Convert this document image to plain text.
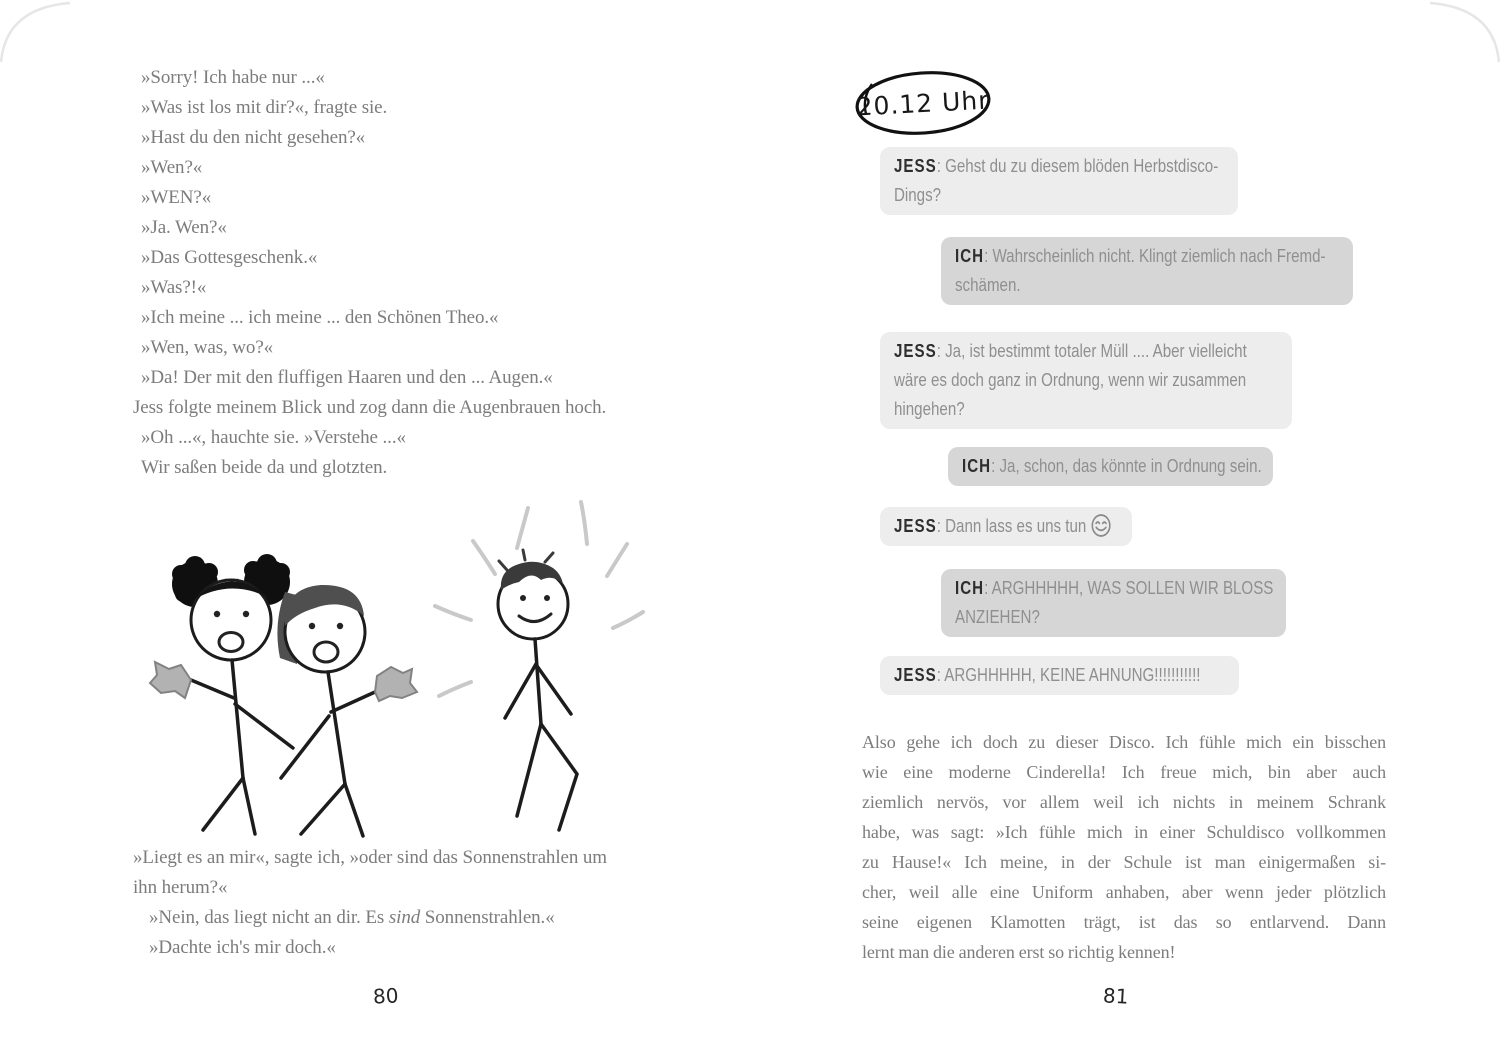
»Sorry! Ich habe nur ...«
»Was ist los mit dir?«, fragte sie.
»Hast du den nicht gesehen?«
»Wen?«
»WEN?«
»Ja. Wen?«
»Das Gottesgeschenk.«
»Was?!«
»Ich meine ... ich meine ... den Schönen Theo.«
»Wen, was, wo?«
»Da! Der mit den fluffigen Haaren und den ... Augen.«
Jess folgte meinem Blick und zog dann die Augenbrauen hoch.
»Oh ...«, hauchte sie. »Verstehe ...«
Wir saßen beide da und glotzten.
»Liegt es an mir«, sagte ich, »oder sind das Sonnenstrahlen um
ihn herum?«
»Nein, das liegt nicht an dir. Es sind Sonnenstrahlen.«
»Dachte ich's mir doch.«
80
20.12 Uhr
JESS: Gehst du zu diesem blöden Herbstdisco-
Dings?
ICH: Wahrscheinlich nicht. Klingt ziemlich nach Fremd-
schämen.
JESS: Ja, ist bestimmt totaler Müll .... Aber vielleicht
wäre es doch ganz in Ordnung, wenn wir zusammen
hingehen?
ICH: Ja, schon, das könnte in Ordnung sein.
JESS: Dann lass es uns tun
ICH: ARGHHHHH, WAS SOLLEN WIR BLOSS
ANZIEHEN?
JESS: ARGHHHHH, KEINE AHNUNG!!!!!!!!!!!
Also gehe ich doch zu dieser Disco. Ich fühle mich ein bisschen
wie eine moderne Cinderella! Ich freue mich, bin aber auch
ziemlich nervös, vor allem weil ich nichts in meinem Schrank
habe, was sagt: »Ich fühle mich in einer Schuldisco vollkommen
zu Hause!« Ich meine, in der Schule ist man einigermaßen si-
cher, weil alle eine Uniform anhaben, aber wenn jeder plötzlich
seine eigenen Klamotten trägt, ist das so entlarvend. Dann
lernt man die anderen erst so richtig kennen!
81
